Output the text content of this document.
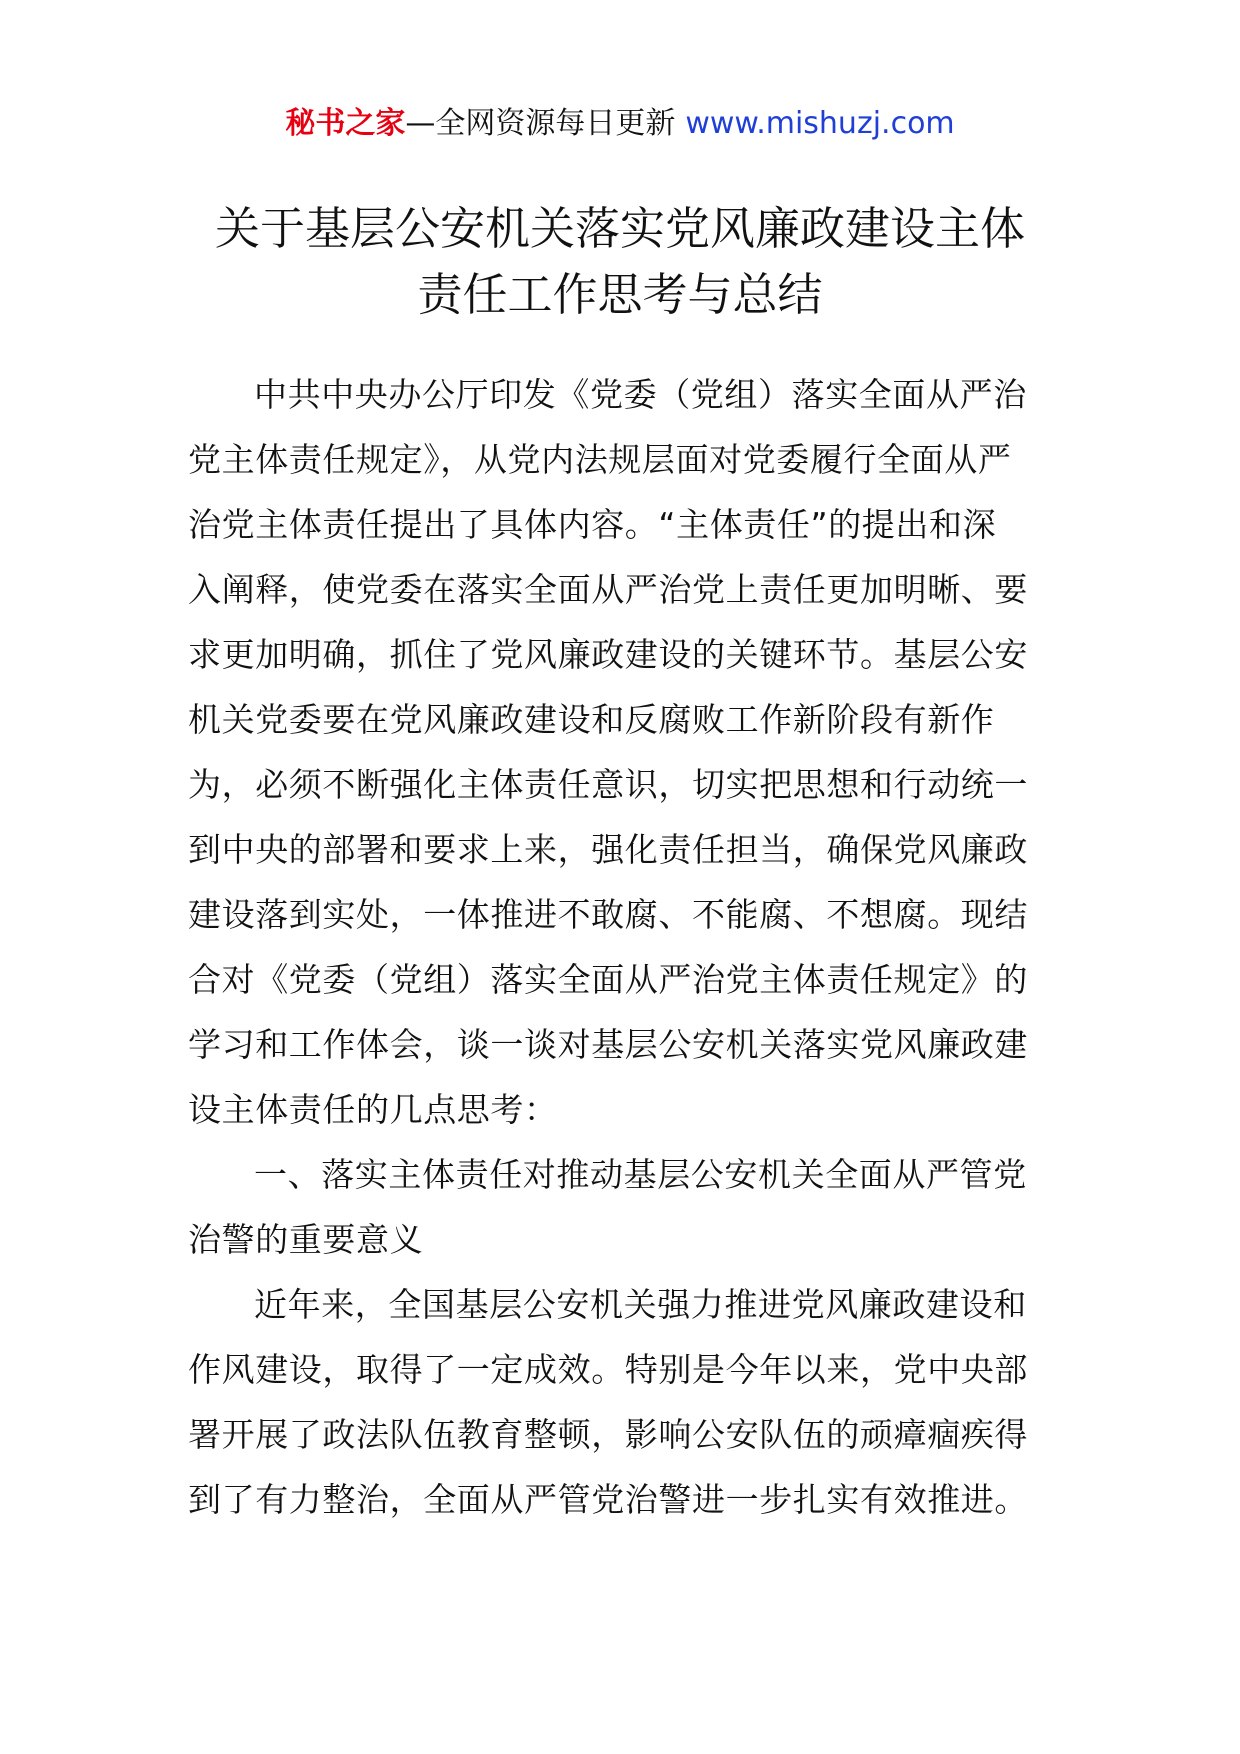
秘书之家—全网资源每日更新 www.mishuzj.com
关于基层公安机关落实党风廉政建设主体
责任工作思考与总结
中共中央办公厅印发《党委（党组）落实全面从严治
党主体责任规定》，从党内法规层面对党委履行全面从严
治党主体责任提出了具体内容。“主体责任”的提出和深
入阐释，使党委在落实全面从严治党上责任更加明晰、要
求更加明确，抓住了党风廉政建设的关键环节。基层公安
机关党委要在党风廉政建设和反腐败工作新阶段有新作
为，必须不断强化主体责任意识，切实把思想和行动统一
到中央的部署和要求上来，强化责任担当，确保党风廉政
建设落到实处，一体推进不敢腐、不能腐、不想腐。现结
合对《党委（党组）落实全面从严治党主体责任规定》的
学习和工作体会，谈一谈对基层公安机关落实党风廉政建
设主体责任的几点思考：
一、落实主体责任对推动基层公安机关全面从严管党
治警的重要意义
近年来，全国基层公安机关强力推进党风廉政建设和
作风建设，取得了一定成效。特别是今年以来，党中央部
署开展了政法队伍教育整顿，影响公安队伍的顽瘴痼疾得
到了有力整治，全面从严管党治警进一步扎实有效推进。
